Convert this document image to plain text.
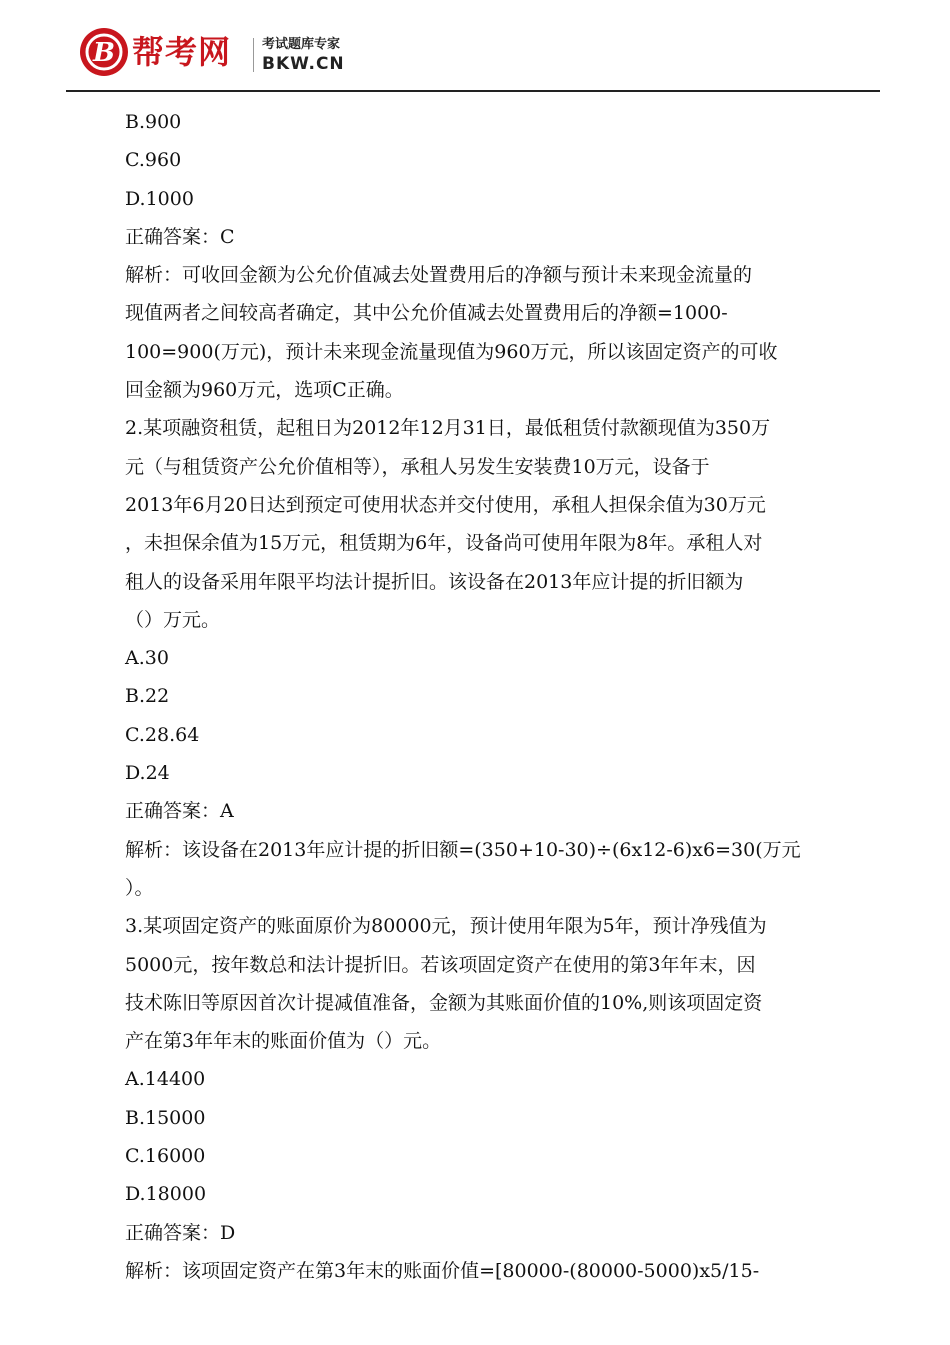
B 帮考网 考试题库专家
BKW.CN
B.900
C.960
D.1000
正确答案：C
解析：可收回金额为公允价值减去处置费用后的净额与预计未来现金流量的
现值两者之间较高者确定，其中公允价值减去处置费用后的净额=1000-
100=900(万元)，预计未来现金流量现值为960万元，所以该固定资产的可收
回金额为960万元，选项C正确。
2.某项融资租赁，起租日为2012年12月31日，最低租赁付款额现值为350万
元（与租赁资产公允价值相等），承租人另发生安装费10万元，设备于
2013年6月20日达到预定可使用状态并交付使用，承租人担保余值为30万元
，未担保余值为15万元，租赁期为6年，设备尚可使用年限为8年。承租人对
租人的设备采用年限平均法计提折旧。该设备在2013年应计提的折旧额为
（）万元。
A.30
B.22
C.28.64
D.24
正确答案：A
解析：该设备在2013年应计提的折旧额=(350+10-30)÷(6x12-6)x6=30(万元
）。
3.某项固定资产的账面原价为80000元，预计使用年限为5年，预计净残值为
5000元，按年数总和法计提折旧。若该项固定资产在使用的第3年年末，因
技术陈旧等原因首次计提减值准备，金额为其账面价值的10%,则该项固定资
产在第3年年末的账面价值为（）元。
A.14400
B.15000
C.16000
D.18000
正确答案：D
解析：该项固定资产在第3年末的账面价值=[80000-(80000-5000)x5/15-
